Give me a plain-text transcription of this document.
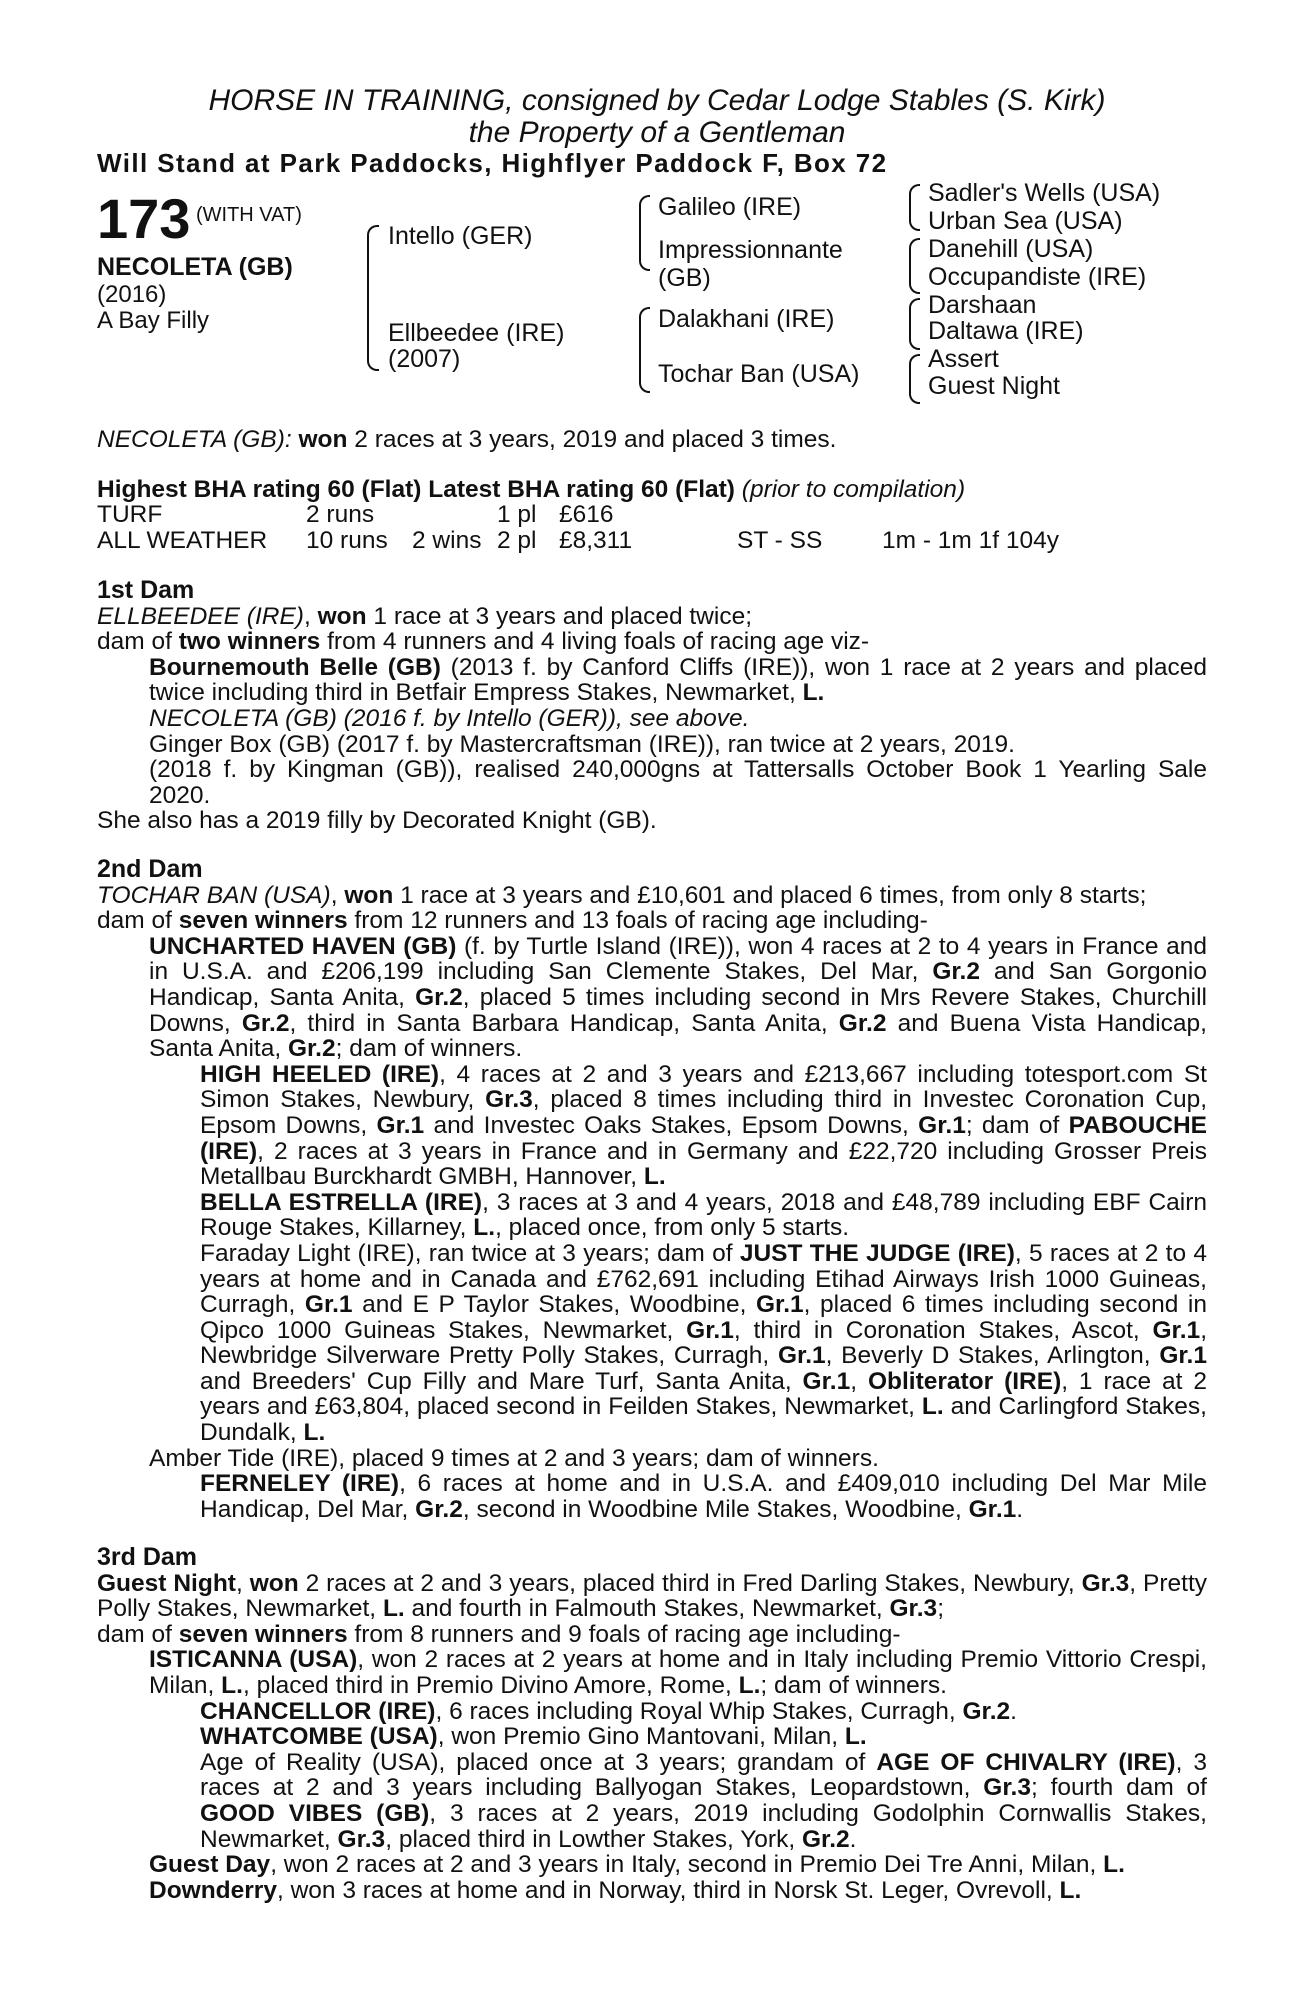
HORSE IN TRAINING, consigned by Cedar Lodge Stables (S. Kirk)
the Property of a Gentleman
Will Stand at Park Paddocks, Highflyer Paddock F, Box 72
173 (WITH VAT)
NECOLETA (GB)
(2016)
A Bay Filly
Intello (GER)
Ellbeedee (IRE)
(2007)
Galileo (IRE)
Impressionnante
(GB)
Dalakhani (IRE)
Tochar Ban (USA)
Sadler's Wells (USA)
Urban Sea (USA)
Danehill (USA)
Occupandiste (IRE)
Darshaan
Daltawa (IRE)
Assert
Guest Night
NECOLETA (GB): won 2 races at 3 years, 2019 and placed 3 times.
Highest BHA rating 60 (Flat) Latest BHA rating 60 (Flat) (prior to compilation)
TURF	2 runs	1 pl £616
ALL WEATHER 10 runs 2 wins 2 pl £8,311	ST - SS 1m - 1m 1f 104y
1st Dam
ELLBEEDEE (IRE), won 1 race at 3 years and placed twice;
dam of two winners from 4 runners and 4 living foals of racing age viz-
Bournemouth Belle (GB) (2013 f. by Canford Cliffs (IRE)), won 1 race at 2 years and placed twice including third in Betfair Empress Stakes, Newmarket, L.
NECOLETA (GB) (2016 f. by Intello (GER)), see above.
Ginger Box (GB) (2017 f. by Mastercraftsman (IRE)), ran twice at 2 years, 2019.
(2018 f. by Kingman (GB)), realised 240,000gns at Tattersalls October Book 1 Yearling Sale 2020.
She also has a 2019 filly by Decorated Knight (GB).
2nd Dam
TOCHAR BAN (USA), won 1 race at 3 years and £10,601 and placed 6 times, from only 8 starts;
dam of seven winners from 12 runners and 13 foals of racing age including-
UNCHARTED HAVEN (GB) (f. by Turtle Island (IRE)), won 4 races at 2 to 4 years in France and in U.S.A. and £206,199 including San Clemente Stakes, Del Mar, Gr.2 and San Gorgonio Handicap, Santa Anita, Gr.2, placed 5 times including second in Mrs Revere Stakes, Churchill Downs, Gr.2, third in Santa Barbara Handicap, Santa Anita, Gr.2 and Buena Vista Handicap, Santa Anita, Gr.2; dam of winners.
HIGH HEELED (IRE), 4 races at 2 and 3 years and £213,667 including totesport.com St Simon Stakes, Newbury, Gr.3, placed 8 times including third in Investec Coronation Cup, Epsom Downs, Gr.1 and Investec Oaks Stakes, Epsom Downs, Gr.1; dam of PABOUCHE (IRE), 2 races at 3 years in France and in Germany and £22,720 including Grosser Preis Metallbau Burckhardt GMBH, Hannover, L.
BELLA ESTRELLA (IRE), 3 races at 3 and 4 years, 2018 and £48,789 including EBF Cairn Rouge Stakes, Killarney, L., placed once, from only 5 starts.
Faraday Light (IRE), ran twice at 3 years; dam of JUST THE JUDGE (IRE), 5 races at 2 to 4 years at home and in Canada and £762,691 including Etihad Airways Irish 1000 Guineas, Curragh, Gr.1 and E P Taylor Stakes, Woodbine, Gr.1, placed 6 times including second in Qipco 1000 Guineas Stakes, Newmarket, Gr.1, third in Coronation Stakes, Ascot, Gr.1, Newbridge Silverware Pretty Polly Stakes, Curragh, Gr.1, Beverly D Stakes, Arlington, Gr.1 and Breeders' Cup Filly and Mare Turf, Santa Anita, Gr.1, Obliterator (IRE), 1 race at 2 years and £63,804, placed second in Feilden Stakes, Newmarket, L. and Carlingford Stakes, Dundalk, L.
Amber Tide (IRE), placed 9 times at 2 and 3 years; dam of winners.
FERNELEY (IRE), 6 races at home and in U.S.A. and £409,010 including Del Mar Mile Handicap, Del Mar, Gr.2, second in Woodbine Mile Stakes, Woodbine, Gr.1.
3rd Dam
Guest Night, won 2 races at 2 and 3 years, placed third in Fred Darling Stakes, Newbury, Gr.3, Pretty Polly Stakes, Newmarket, L. and fourth in Falmouth Stakes, Newmarket, Gr.3;
dam of seven winners from 8 runners and 9 foals of racing age including-
ISTICANNA (USA), won 2 races at 2 years at home and in Italy including Premio Vittorio Crespi, Milan, L., placed third in Premio Divino Amore, Rome, L.; dam of winners.
CHANCELLOR (IRE), 6 races including Royal Whip Stakes, Curragh, Gr.2.
WHATCOMBE (USA), won Premio Gino Mantovani, Milan, L.
Age of Reality (USA), placed once at 3 years; grandam of AGE OF CHIVALRY (IRE), 3 races at 2 and 3 years including Ballyogan Stakes, Leopardstown, Gr.3; fourth dam of GOOD VIBES (GB), 3 races at 2 years, 2019 including Godolphin Cornwallis Stakes, Newmarket, Gr.3, placed third in Lowther Stakes, York, Gr.2.
Guest Day, won 2 races at 2 and 3 years in Italy, second in Premio Dei Tre Anni, Milan, L.
Downderry, won 3 races at home and in Norway, third in Norsk St. Leger, Ovrevoll, L.
